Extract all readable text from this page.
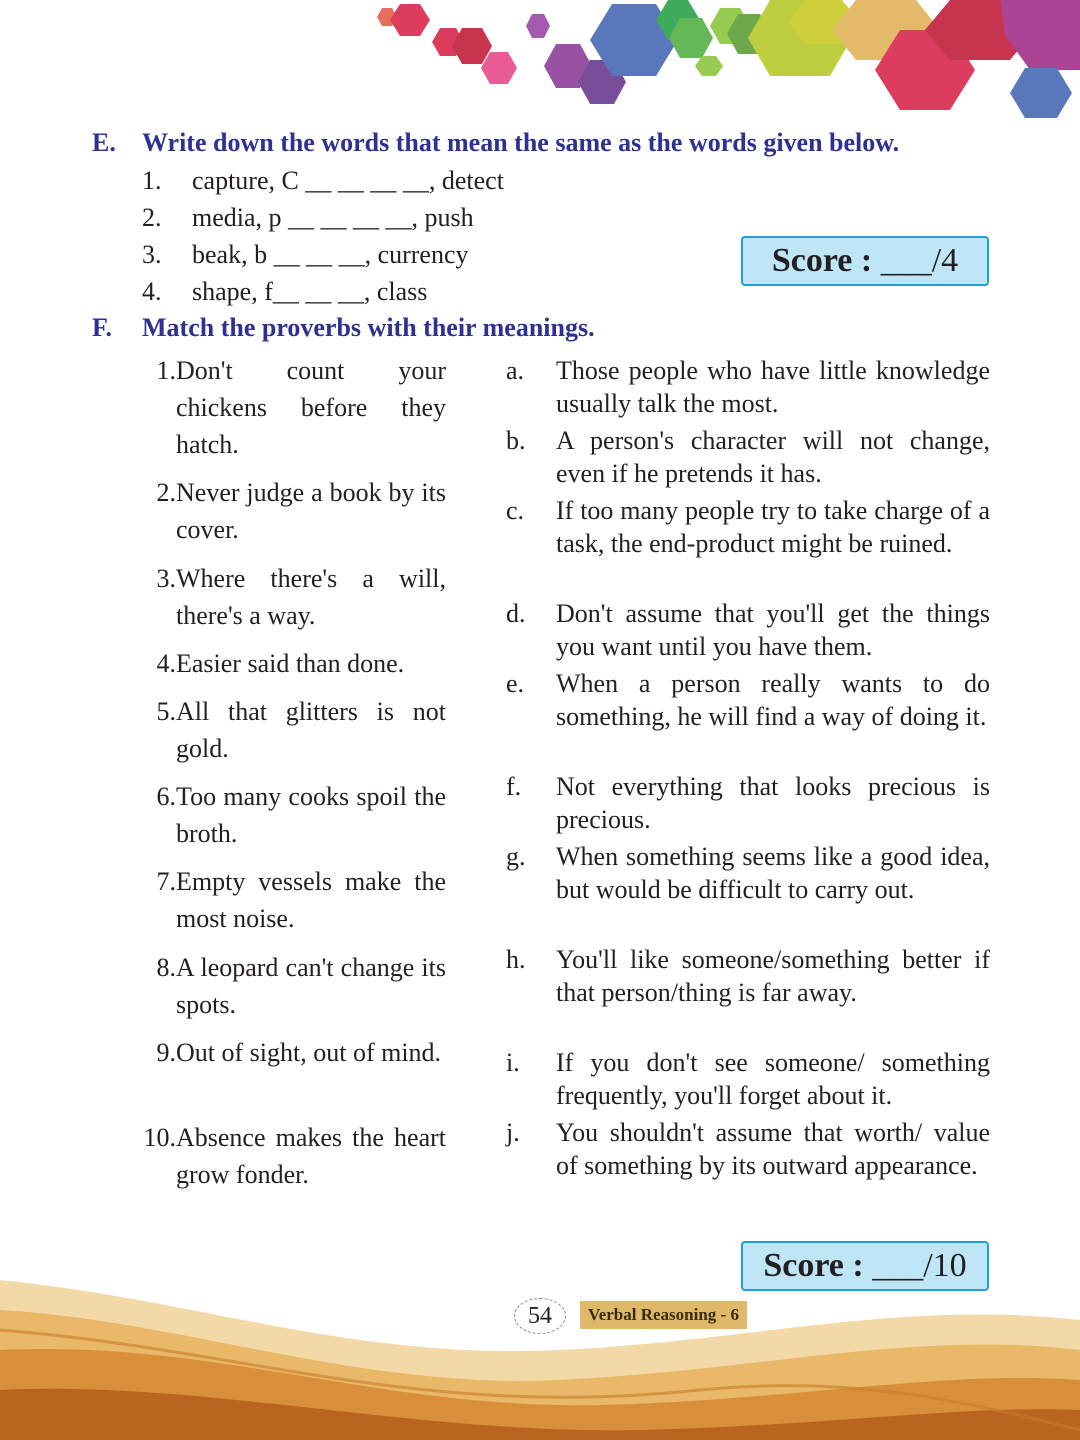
E. Write down the words that mean the same as the words given below.
1. capture, C __ __ __ __, detect
2. media, p __ __ __ __, push
3. beak, b __ __ __, currency
4. shape, f__ __ __, class
Score : ___/4
F. Match the proverbs with their meanings.
1. Don't count your chickens before they hatch.
2. Never judge a book by its cover.
3. Where there's a will, there's a way.
4. Easier said than done.
5. All that glitters is not gold.
6. Too many cooks spoil the broth.
7. Empty vessels make the most noise.
8. A leopard can't change its spots.
9. Out of sight, out of mind.
10. Absence makes the heart grow fonder.
a. Those people who have little knowledge usually talk the most.
b. A person's character will not change, even if he pretends it has.
c. If too many people try to take charge of a task, the end-product might be ruined.
d. Don't assume that you'll get the things you want until you have them.
e. When a person really wants to do something, he will find a way of doing it.
f. Not everything that looks precious is precious.
g. When something seems like a good idea, but would be difficult to carry out.
h. You'll like someone/something better if that person/thing is far away.
i. If you don't see someone/ something frequently, you'll forget about it.
j. You shouldn't assume that worth/ value of something by its outward appearance.
Score : ___/10
54	Verbal Reasoning - 6
